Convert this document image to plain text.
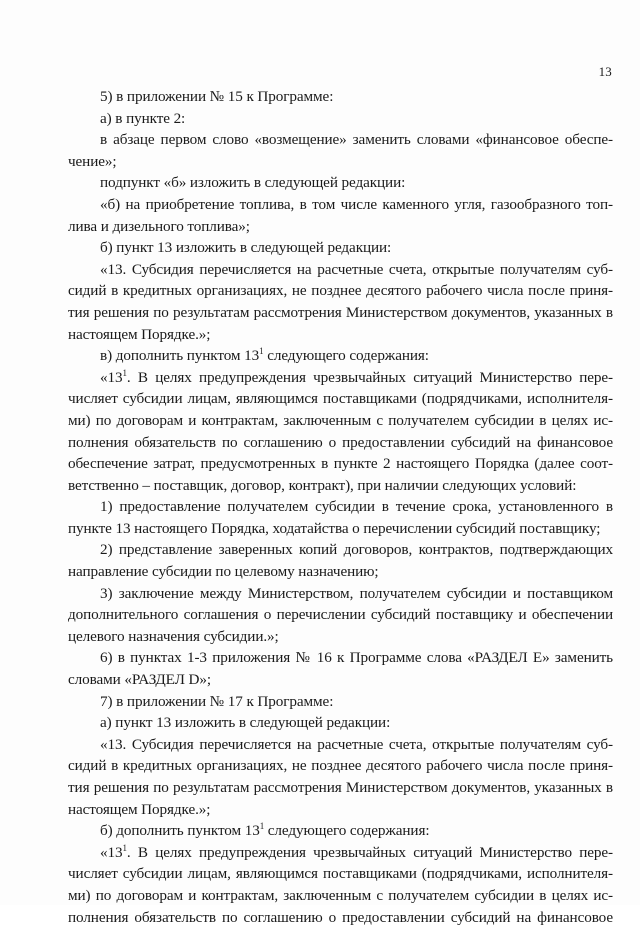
13
5) в приложении № 15 к Программе:
а) в пункте 2:
в абзаце первом слово «возмещение» заменить словами «финансовое обеспе-
чение»;
подпункт «б» изложить в следующей редакции:
«б) на приобретение топлива, в том числе каменного угля, газообразного топ-
лива и дизельного топлива»;
б) пункт 13 изложить в следующей редакции:
«13. Субсидия перечисляется на расчетные счета, открытые получателям суб-
сидий в кредитных организациях, не позднее десятого рабочего числа после приня-
тия решения по результатам рассмотрения Министерством документов, указанных в
настоящем Порядке.»;
в) дополнить пунктом $13^1$ следующего содержания:
«$13^1$. В целях предупреждения чрезвычайных ситуаций Министерство пере-
числяет субсидии лицам, являющимся поставщиками (подрядчиками, исполнителя-
ми) по договорам и контрактам, заключенным с получателем субсидии в целях ис-
полнения обязательств по соглашению о предоставлении субсидий на финансовое
обеспечение затрат, предусмотренных в пункте 2 настоящего Порядка (далее соот-
ветственно – поставщик, договор, контракт), при наличии следующих условий:
1) предоставление получателем субсидии в течение срока, установленного в
пункте 13 настоящего Порядка, ходатайства о перечислении субсидий поставщику;
2) представление заверенных копий договоров, контрактов, подтверждающих
направление субсидии по целевому назначению;
3) заключение между Министерством, получателем субсидии и поставщиком
дополнительного соглашения о перечислении субсидий поставщику и обеспечении
целевого назначения субсидии.»;
6) в пунктах 1-3 приложения № 16 к Программе слова «РАЗДЕЛ Е» заменить
словами «РАЗДЕЛ D»;
7) в приложении № 17 к Программе:
а) пункт 13 изложить в следующей редакции:
«13. Субсидия перечисляется на расчетные счета, открытые получателям суб-
сидий в кредитных организациях, не позднее десятого рабочего числа после приня-
тия решения по результатам рассмотрения Министерством документов, указанных в
настоящем Порядке.»;
б) дополнить пунктом $13^1$ следующего содержания:
«$13^1$. В целях предупреждения чрезвычайных ситуаций Министерство пере-
числяет субсидии лицам, являющимся поставщиками (подрядчиками, исполнителя-
ми) по договорам и контрактам, заключенным с получателем субсидии в целях ис-
полнения обязательств по соглашению о предоставлении субсидий на финансовое
